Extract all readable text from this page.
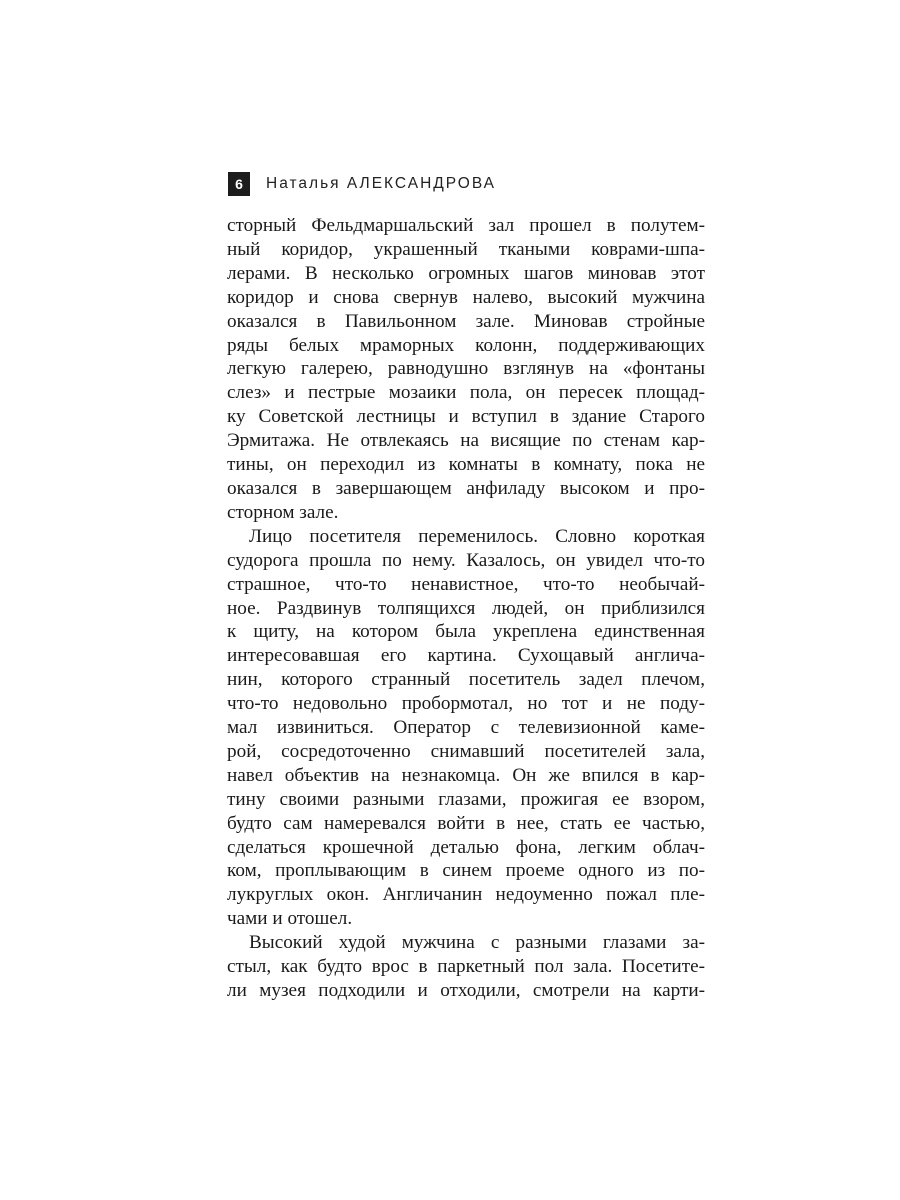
6	Наталья АЛЕКСАНДРОВА

сторный Фельдмаршальский зал прошел в полутем-
ный коридор, украшенный ткаными коврами-шпа-
лерами. В несколько огромных шагов миновав этот
коридор и снова свернув налево, высокий мужчина
оказался в Павильонном зале. Миновав стройные
ряды белых мраморных колонн, поддерживающих
легкую галерею, равнодушно взглянув на «фонтаны
слез» и пестрые мозаики пола, он пересек площад-
ку Советской лестницы и вступил в здание Старого
Эрмитажа. Не отвлекаясь на висящие по стенам кар-
тины, он переходил из комнаты в комнату, пока не
оказался в завершающем анфиладу высоком и про-
сторном зале.

Лицо посетителя переменилось. Словно короткая
судорога прошла по нему. Казалось, он увидел что-то
страшное, что-то ненавистное, что-то необычай-
ное. Раздвинув толпящихся людей, он приблизился
к щиту, на котором была укреплена единственная
интересовавшая его картина. Сухощавый англича-
нин, которого странный посетитель задел плечом,
что-то недовольно пробормотал, но тот и не поду-
мал извиниться. Оператор с телевизионной каме-
рой, сосредоточенно снимавший посетителей зала,
навел объектив на незнакомца. Он же впился в кар-
тину своими разными глазами, прожигая ее взором,
будто сам намеревался войти в нее, стать ее частью,
сделаться крошечной деталью фона, легким облач-
ком, проплывающим в синем проеме одного из по-
лукруглых окон. Англичанин недоуменно пожал пле-
чами и отошел.

Высокий худой мужчина с разными глазами за-
стыл, как будто врос в паркетный пол зала. Посетите-
ли музея подходили и отходили, смотрели на карти-
